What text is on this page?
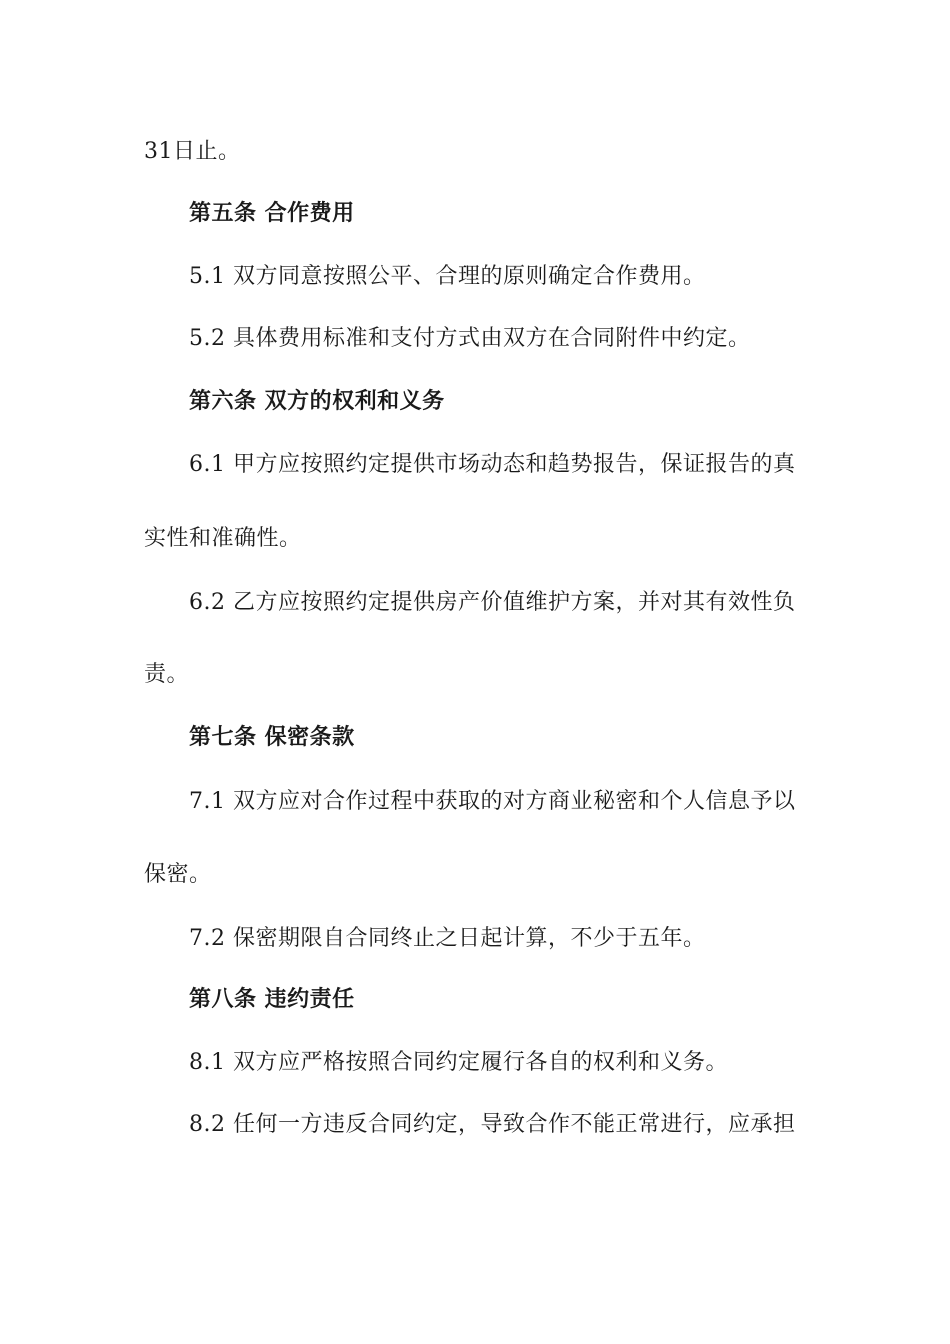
31日止。
第五条 合作费用
5.1 双方同意按照公平、合理的原则确定合作费用。
5.2 具体费用标准和支付方式由双方在合同附件中约定。
第六条 双方的权利和义务
6.1 甲方应按照约定提供市场动态和趋势报告，保证报告的真
实性和准确性。
6.2 乙方应按照约定提供房产价值维护方案，并对其有效性负
责。
第七条 保密条款
7.1 双方应对合作过程中获取的对方商业秘密和个人信息予以
保密。
7.2 保密期限自合同终止之日起计算，不少于五年。
第八条 违约责任
8.1 双方应严格按照合同约定履行各自的权利和义务。
8.2 任何一方违反合同约定，导致合作不能正常进行，应承担
